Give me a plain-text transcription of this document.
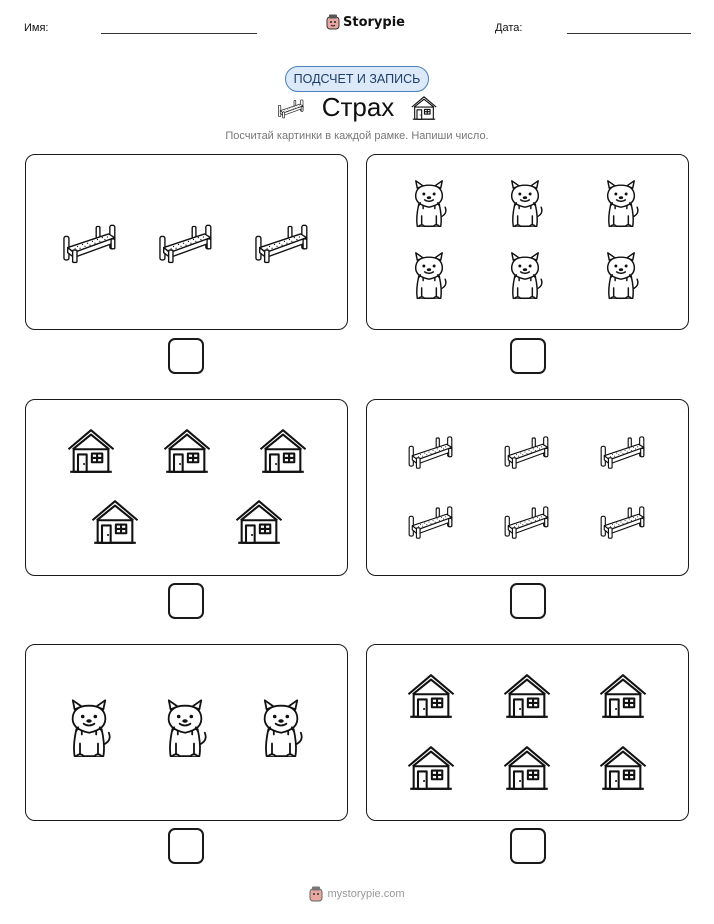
Имя:	Storypie	Дата:
ПОДСЧЕТ И ЗАПИСЬ
Страх
Посчитай картинки в каждой рамке. Напиши число.
mystorypie.com
